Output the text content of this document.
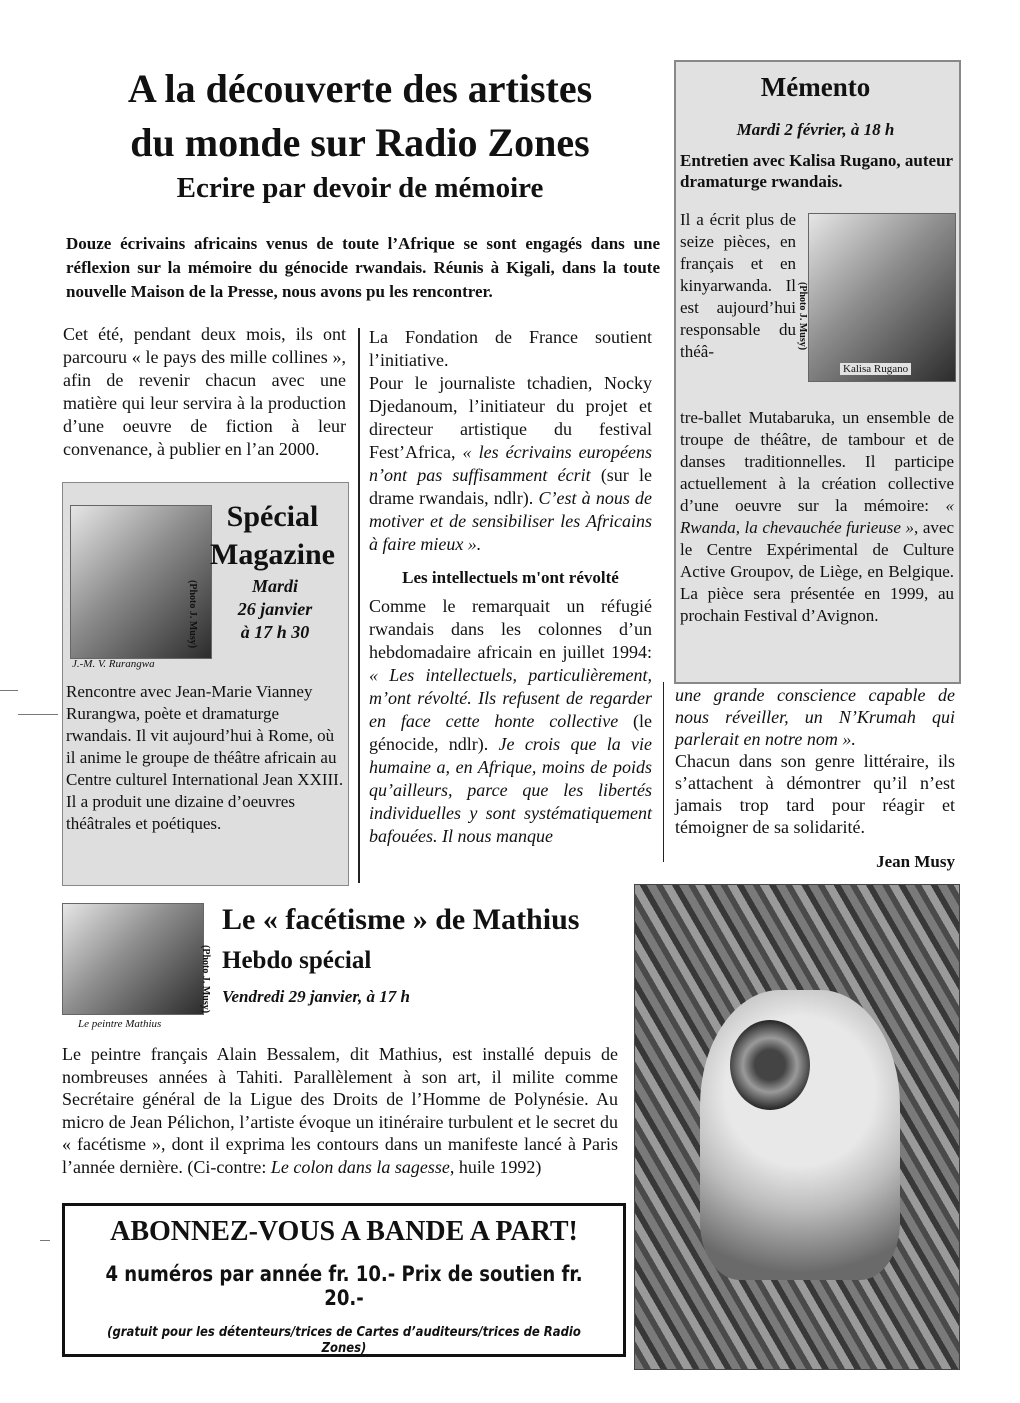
A la découverte des artistes
du monde sur Radio Zones
Ecrire par devoir de mémoire
Douze écrivains africains venus de toute l’Afrique se sont engagés dans une réflexion sur la mémoire du génocide rwandais. Réunis à Kigali, dans la toute nouvelle Maison de la Presse, nous avons pu les rencontrer.
Cet été, pendant deux mois, ils ont parcouru « le pays des mille collines », afin de revenir chacun avec une matière qui leur servira à la production d’une oeuvre de fiction à leur convenance, à publier en l’an 2000.
J.-M. V. Rurangwa
(Photo J. Musy)
Spécial
Magazine
Mardi
26 janvier
à 17 h 30
Rencontre avec Jean-Marie Vianney Rurangwa, poète et dramaturge rwandais. Il vit aujourd’hui à Rome, où il anime le groupe de théâtre africain au Centre culturel International Jean XXIII. Il a produit une dizaine d’oeuvres théâtrales et poétiques.
La Fondation de France soutient l’initiative.
Pour le journaliste tchadien, Nocky Djedanoum, l’initiateur du projet et directeur artistique du festival Fest’Africa, « les écrivains européens n’ont pas suffisamment écrit (sur le drame rwandais, ndlr). C’est à nous de motiver et de sensibiliser les Africains à faire mieux ».
Les intellectuels m'ont révolté
Comme le remarquait un réfugié rwandais dans les colonnes d’un hebdomadaire africain en juillet 1994: « Les intellectuels, particulièrement, m’ont révolté. Ils refusent de regarder en face cette honte collective (le génocide, ndlr). Je crois que la vie humaine a, en Afrique, moins de poids qu’ailleurs, parce que les libertés individuelles y sont systématiquement bafouées. Il nous manque
Mémento
Mardi 2 février, à 18 h
Entretien avec Kalisa Rugano, auteur dramaturge rwandais.
(Photo J. Musy)
Kalisa Rugano
Il a écrit plus de seize pièces, en français et en kinyarwanda. Il est aujourd’hui responsable du théâ-
tre-ballet Mutabaruka, un ensemble de troupe de théâtre, de tambour et de danses traditionnelles. Il participe actuellement à la création collective d’une oeuvre sur la mémoire: « Rwanda, la chevauchée furieuse », avec le Centre Expérimental de Culture Active Groupov, de Liège, en Belgique. La pièce sera présentée en 1999, au prochain Festival d’Avignon.
une grande conscience capable de nous réveiller, un N’Krumah qui parlerait en notre nom ».
Chacun dans son genre littéraire, ils s’attachent à démontrer qu’il n’est jamais trop tard pour réagir et témoigner de sa solidarité.
Jean Musy
Le peintre Mathius
(Photo J. Musy)
Le « facétisme » de Mathius
Hebdo spécial
Vendredi 29 janvier, à 17 h
Le peintre français Alain Bessalem, dit Mathius, est installé depuis de nombreuses années à Tahiti. Parallèlement à son art, il milite comme Secrétaire général de la Ligue des Droits de l’Homme de Polynésie. Au micro de Jean Pélichon, l’artiste évoque un itinéraire turbulent et le secret du « facétisme », dont il exprima les contours dans un manifeste lancé à Paris l’année dernière. (Ci-contre: Le colon dans la sagesse, huile 1992)
ABONNEZ-VOUS A BANDE A PART!
4 numéros par année fr. 10.- Prix de soutien fr. 20.-
(gratuit pour les détenteurs/trices de Cartes d’auditeurs/trices de Radio Zones)
